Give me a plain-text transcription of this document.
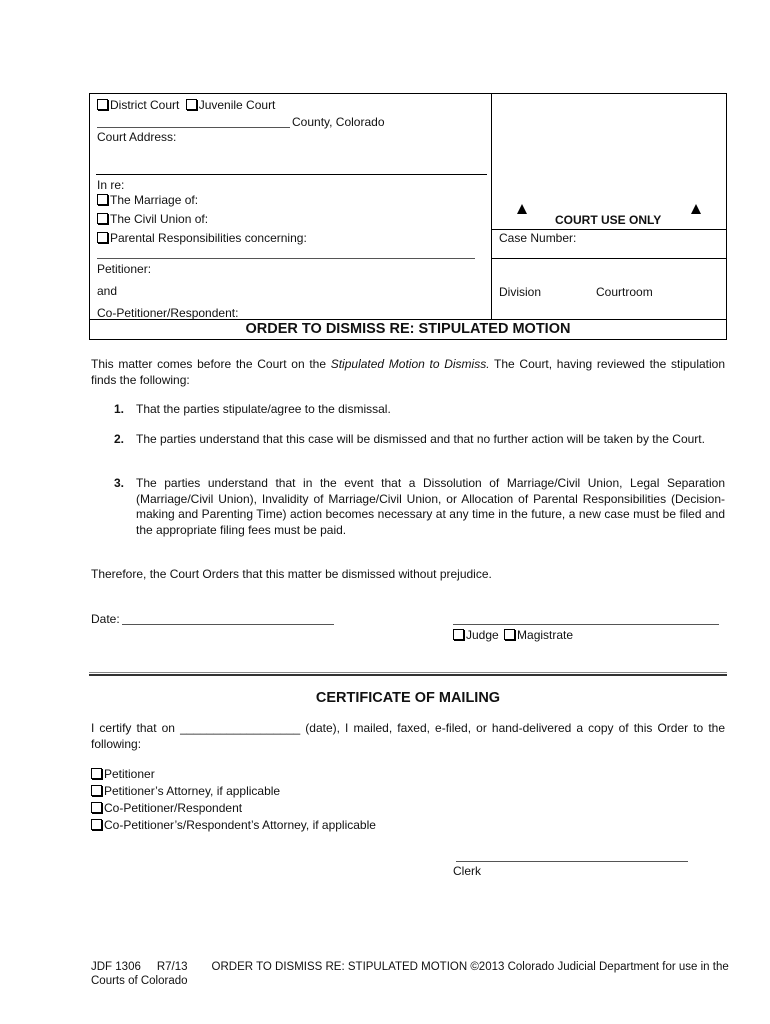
District Court Juvenile Court
County, Colorado
Court Address:
In re:
The Marriage of:
The Civil Union of:
Parental Responsibilities concerning:
Petitioner:
and
Co-Petitioner/Respondent:
COURT USE ONLY
Case Number:
Division	Courtroom
ORDER TO DISMISS RE: STIPULATED MOTION
This matter comes before the Court on the Stipulated Motion to Dismiss. The Court, having reviewed the stipulation finds the following:
1. That the parties stipulate/agree to the dismissal.
2. The parties understand that this case will be dismissed and that no further action will be taken by the Court.
3. The parties understand that in the event that a Dissolution of Marriage/Civil Union, Legal Separation (Marriage/Civil Union), Invalidity of Marriage/Civil Union, or Allocation of Parental Responsibilities (Decision-making and Parenting Time) action becomes necessary at any time in the future, a new case must be filed and the appropriate filing fees must be paid.
Therefore, the Court Orders that this matter be dismissed without prejudice.
Date:
Judge Magistrate
CERTIFICATE OF MAILING
I certify that on __________________ (date), I mailed, faxed, e-filed, or hand-delivered a copy of this Order to the following:
Petitioner
Petitioner’s Attorney, if applicable
Co-Petitioner/Respondent
Co-Petitioner’s/Respondent’s Attorney, if applicable
Clerk
JDF 1306 R7/13 ORDER TO DISMISS RE: STIPULATED MOTION ©2013 Colorado Judicial Department for use in the
Courts of Colorado
